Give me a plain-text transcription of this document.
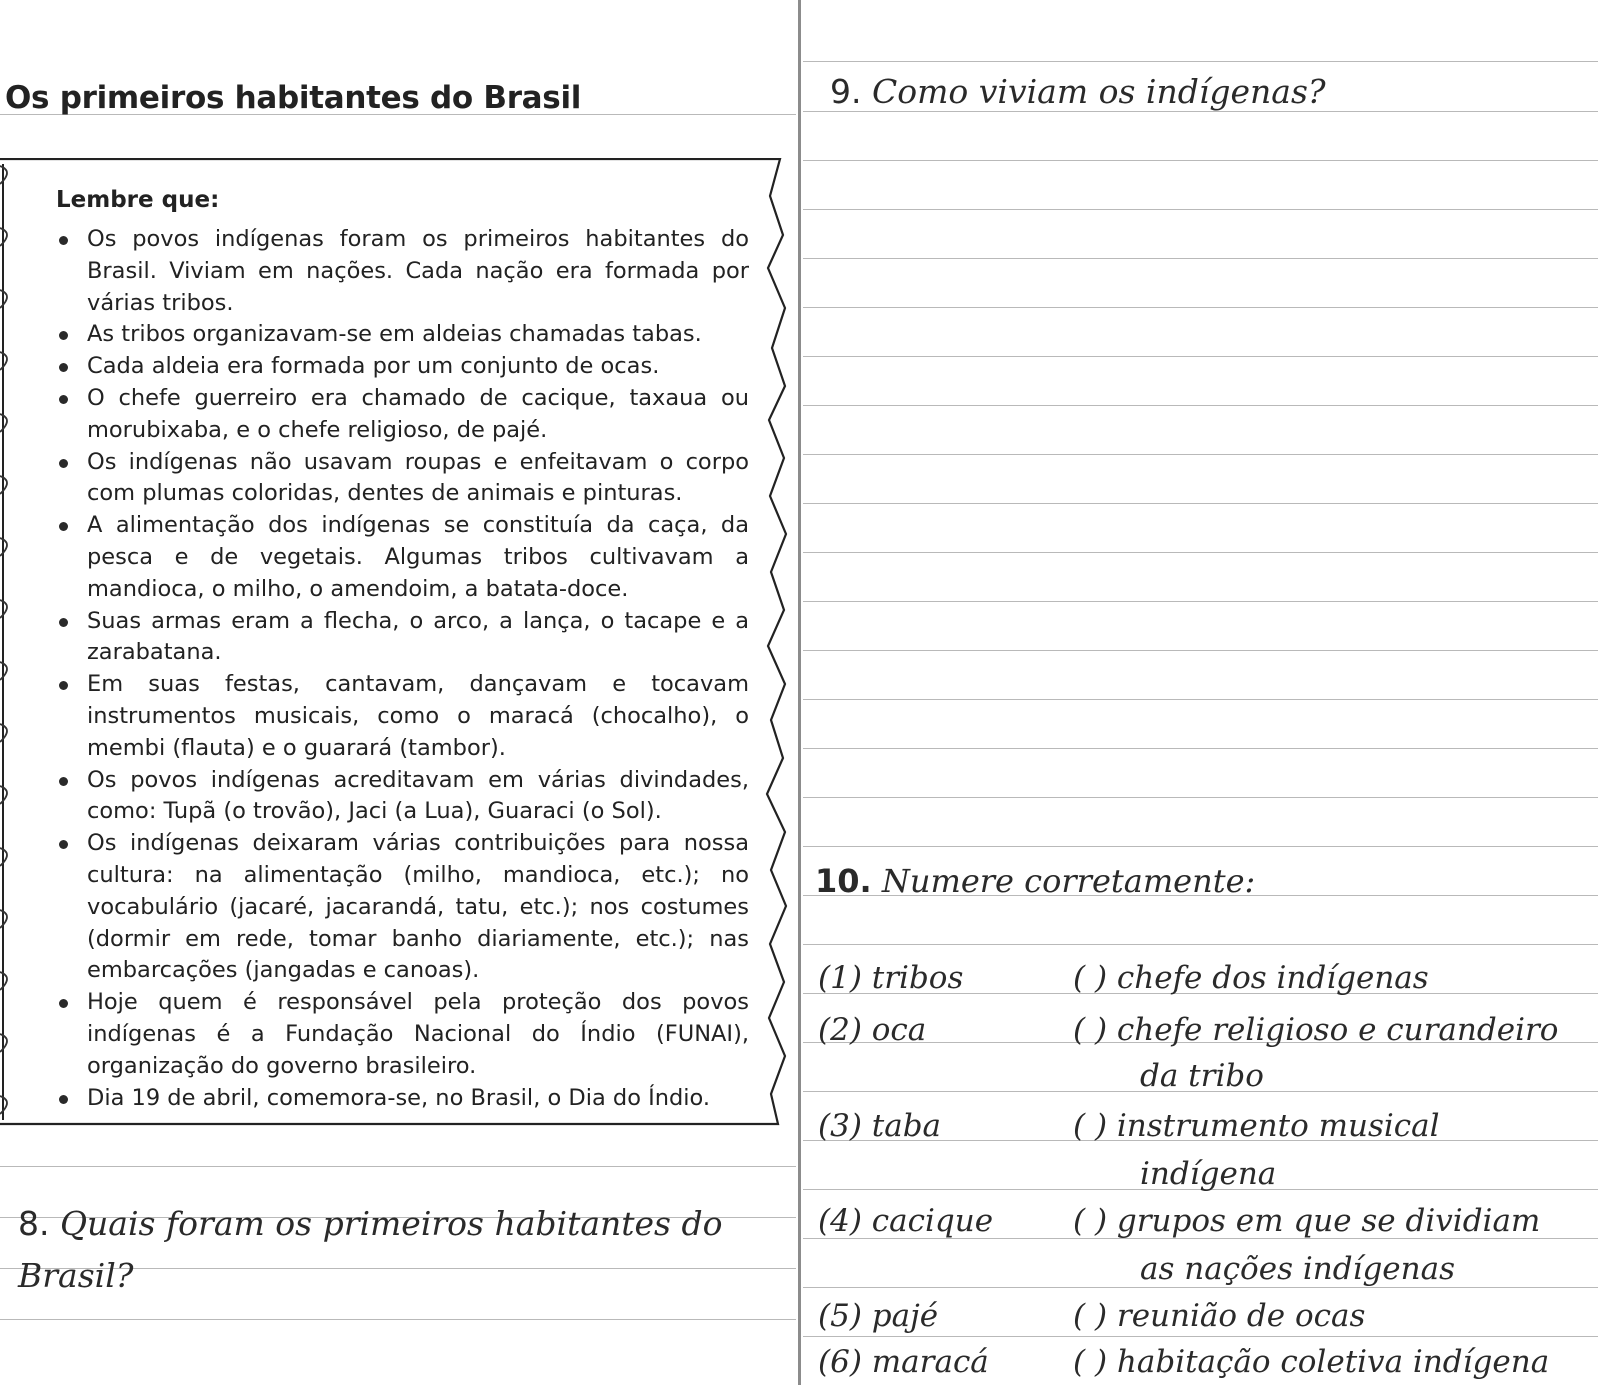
Os primeiros habitantes do Brasil
Lembre que:
Os povos indígenas foram os primeiros habitantes do Brasil. Viviam em nações. Cada nação era formada por várias tribos.
As tribos organizavam-se em aldeias chamadas tabas.
Cada aldeia era formada por um conjunto de ocas.
O chefe guerreiro era chamado de cacique, taxaua ou morubixaba, e o chefe religioso, de pajé.
Os indígenas não usavam roupas e enfeitavam o corpo com plumas coloridas, dentes de animais e pinturas.
A alimentação dos indígenas se constituía da caça, da pesca e de vegetais. Algumas tribos cultivavam a mandioca, o milho, o amendoim, a batata-doce.
Suas armas eram a flecha, o arco, a lança, o tacape e a zarabatana.
Em suas festas, cantavam, dançavam e tocavam instrumentos musicais, como o maracá (chocalho), o membi (flauta) e o guarará (tambor).
Os povos indígenas acreditavam em várias divindades, como: Tupã (o trovão), Jaci (a Lua), Guaraci (o Sol).
Os indígenas deixaram várias contribuições para nossa cultura: na alimentação (milho, mandioca, etc.); no vocabulário (jacaré, jacarandá, tatu, etc.); nos costumes (dormir em rede, tomar banho diariamente, etc.); nas embarcações (jangadas e canoas).
Hoje quem é responsável pela proteção dos povos indígenas é a Fundação Nacional do Índio (FUNAI), organização do governo brasileiro.
Dia 19 de abril, comemora-se, no Brasil, o Dia do Índio.
8. Quais foram os primeiros habitantes do Brasil?
9. Como viviam os indígenas?
10. Numere corretamente:
(1) tribos
(2) oca
(3) taba
(4) cacique
(5) pajé
(6) maracá
( ) chefe dos indígenas
( ) chefe religioso e curandeiro
da tribo
( ) instrumento musical
indígena
( ) grupos em que se dividiam
as nações indígenas
( ) reunião de ocas
( ) habitação coletiva indígena
